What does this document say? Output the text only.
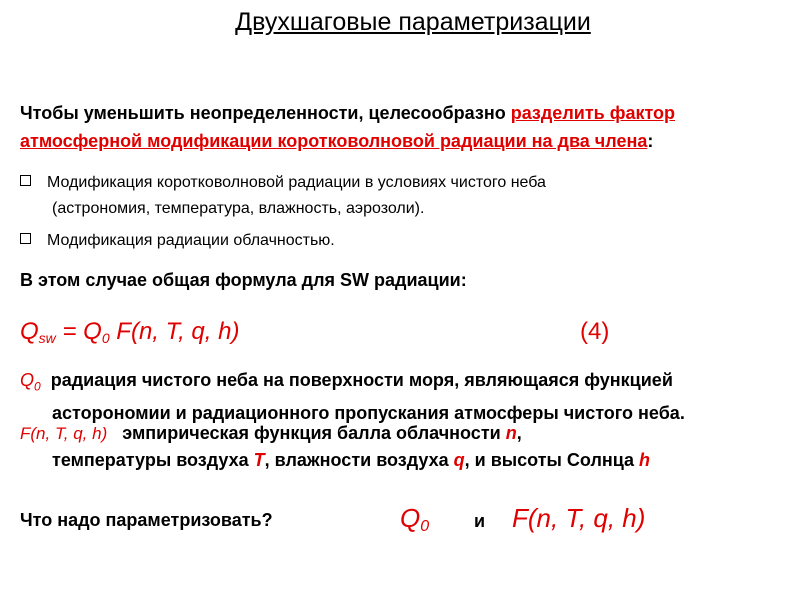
Двухшаговые параметризации
Чтобы уменьшить неопределенности, целесообразно разделить фактор
атмосферной модификации коротковолновой радиации на два члена:
Модификация коротковолновой радиации в условиях чистого неба
(астрономия, температура, влажность, аэрозоли).
Модификация радиации облачностью.
В этом случае общая формула для SW радиации:
$Q_{sw} = Q_0$ F(n, T, q, h)	(4)
$Q_0$  радиация чистого неба на поверхности моря, являющаяся функцией
асторономии и радиационного пропускания атмосферы чистого неба.
F(n, T, q, h)   эмпирическая функция балла облачности n,
температуры воздуха T, влажности воздуха q, и высоты Солнца h
Что надо параметризовать?	$Q_0$ и F(n, T, q, h)
